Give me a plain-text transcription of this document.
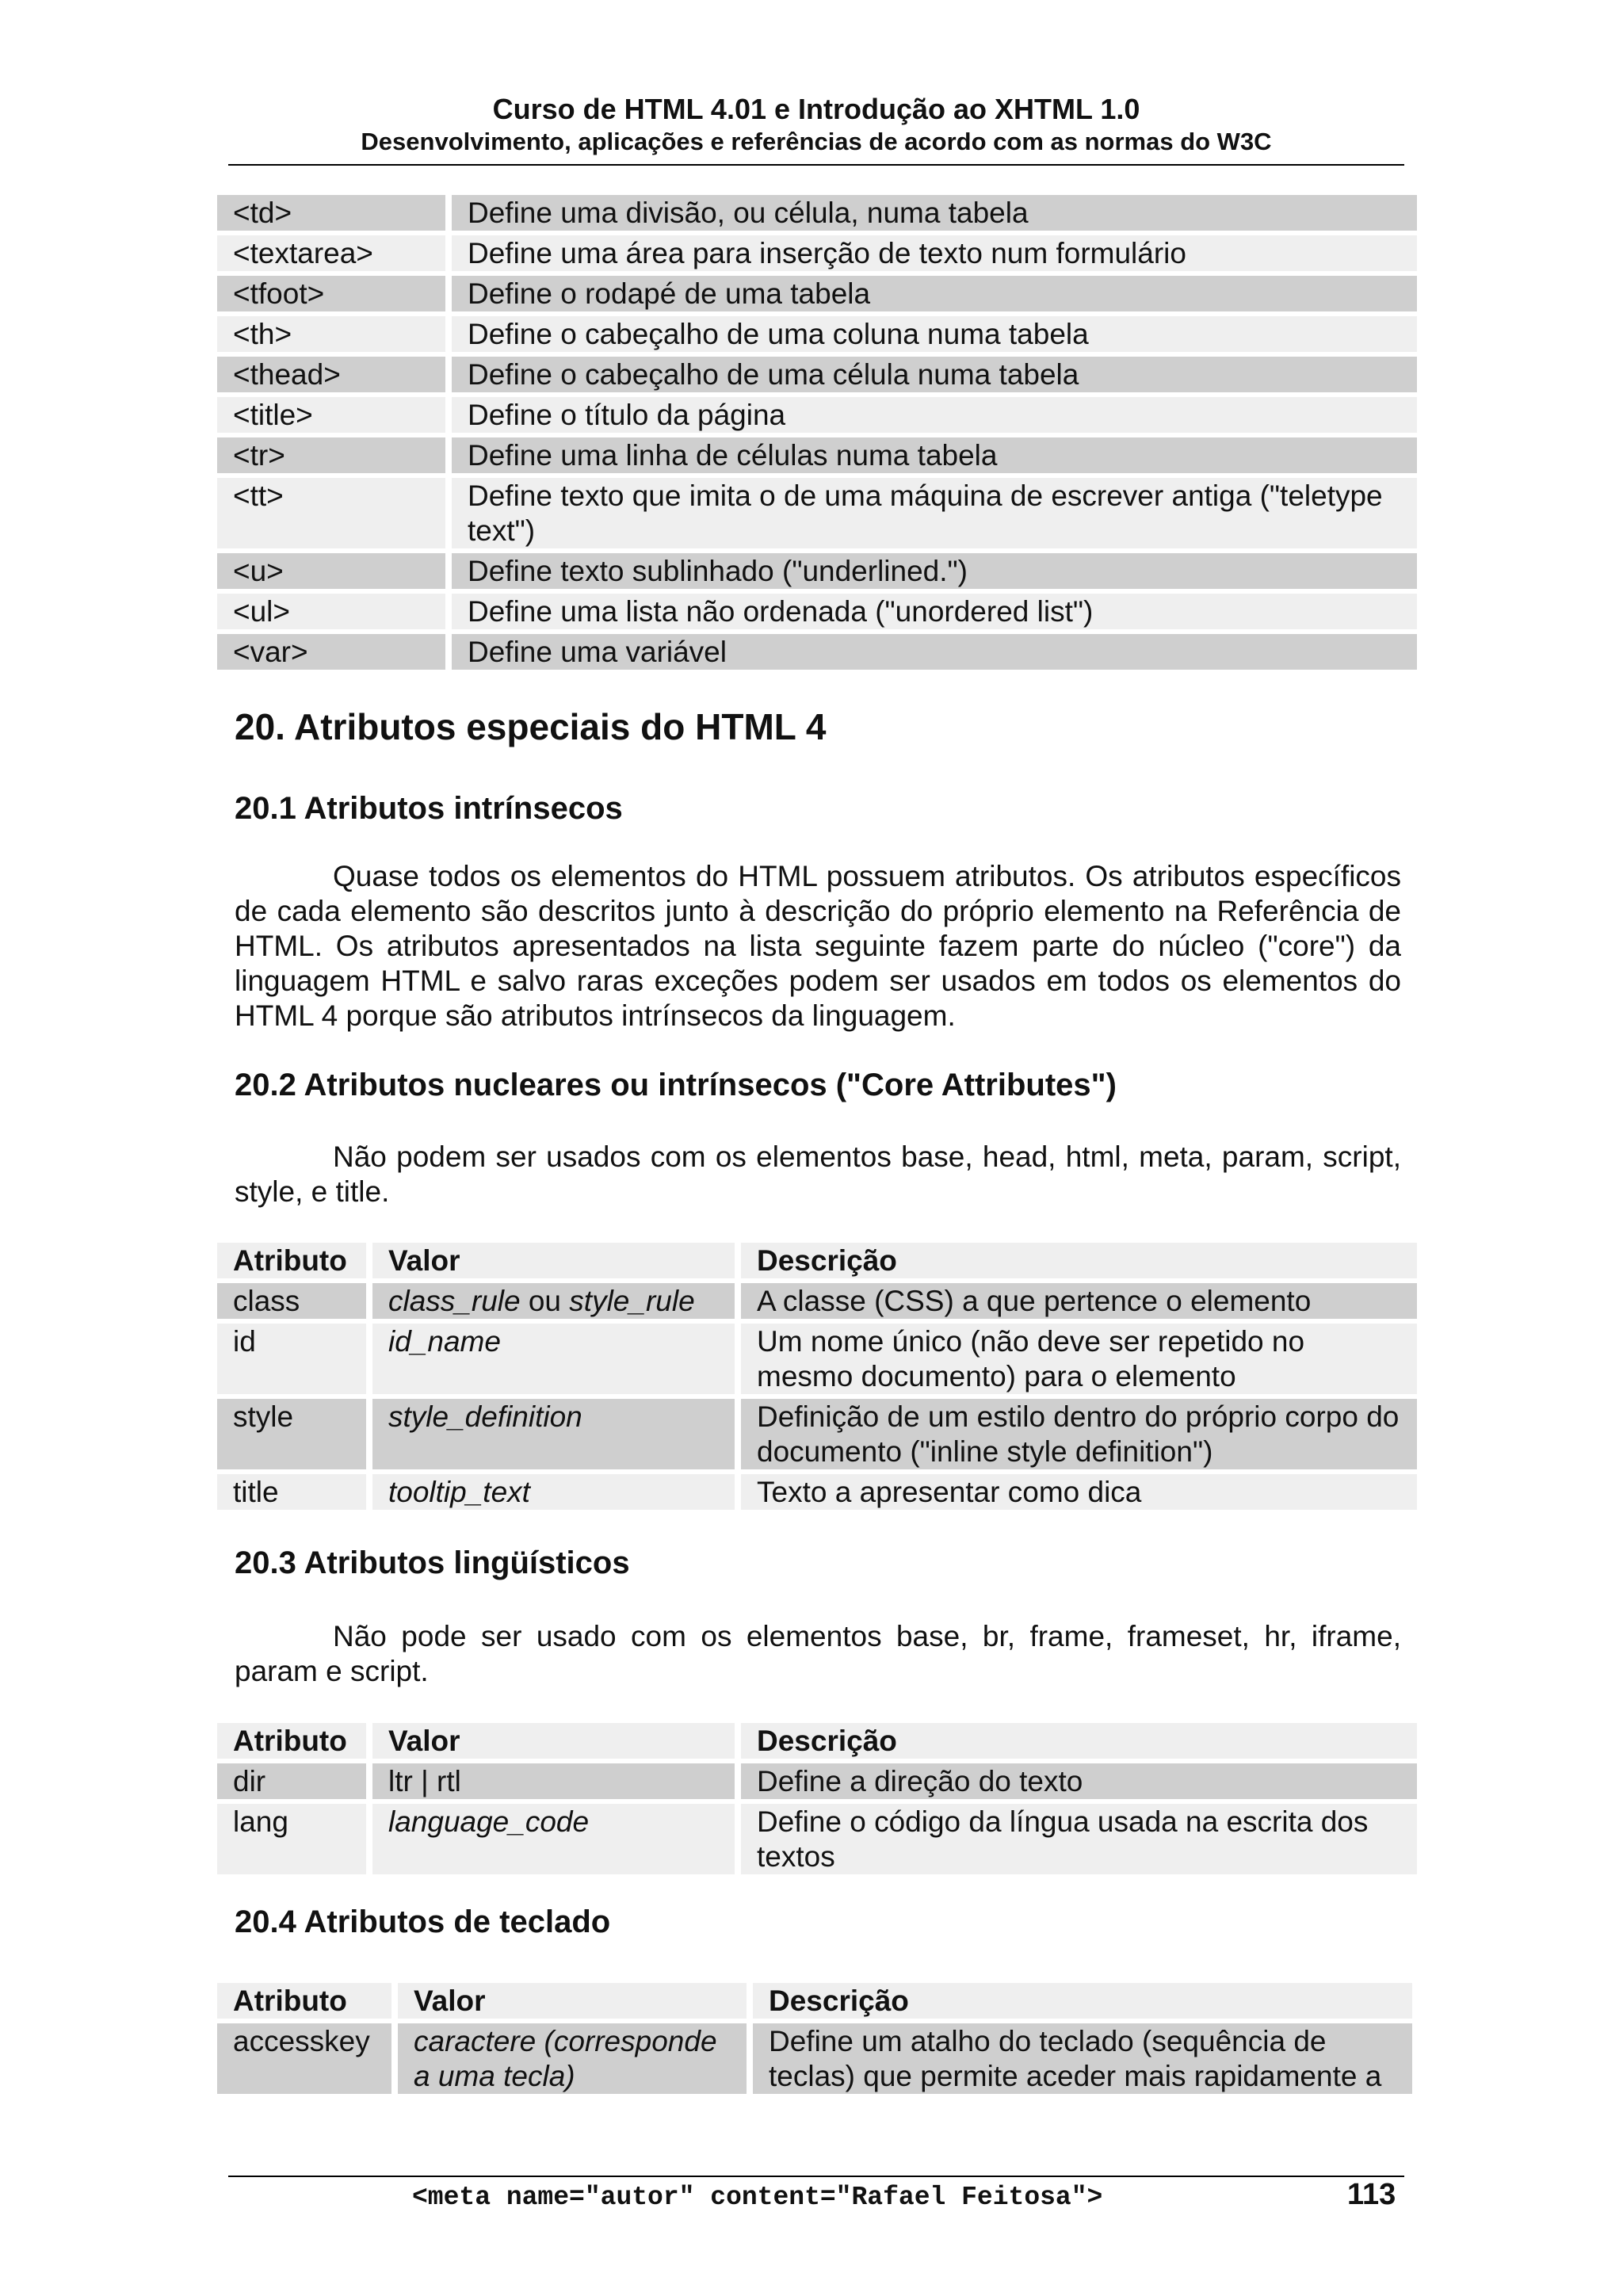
Curso de HTML 4.01 e Introdução ao XHTML 1.0
Desenvolvimento, aplicações e referências de acordo com as normas do W3C
<td>	Define uma divisão, ou célula, numa tabela
<textarea>	Define uma área para inserção de texto num formulário
<tfoot>	Define o rodapé de uma tabela
<th>	Define o cabeçalho de uma coluna numa tabela
<thead>	Define o cabeçalho de uma célula numa tabela
<title>	Define o título da página
<tr>	Define uma linha de células numa tabela
<tt>	Define texto que imita o de uma máquina de escrever antiga ("teletype text")
<u>	Define texto sublinhado ("underlined.")
<ul>	Define uma lista não ordenada ("unordered list")
<var>	Define uma variável
20. Atributos especiais do HTML 4
20.1 Atributos intrínsecos

Quase todos os elementos do HTML possuem atributos. Os atributos específicos de cada elemento são descritos junto à descrição do próprio elemento na Referência de HTML. Os atributos apresentados na lista seguinte fazem parte do núcleo ("core") da linguagem HTML e salvo raras exceções podem ser usados em todos os elementos do HTML 4 porque são atributos intrínsecos da linguagem.

20.2 Atributos nucleares ou intrínsecos ("Core Attributes")

Não podem ser usados com os elementos base, head, html, meta, param, script, style, e title.

Atributo	Valor	Descrição
class	class_rule ou style_rule	A classe (CSS) a que pertence o elemento
id	id_name	Um nome único (não deve ser repetido no mesmo documento) para o elemento
style	style_definition	Definição de um estilo dentro do próprio corpo do documento ("inline style definition")
title	tooltip_text	Texto a apresentar como dica
20.3 Atributos lingüísticos

Não pode ser usado com os elementos base, br, frame, frameset, hr, iframe, param e script.

Atributo	Valor	Descrição
dir	ltr | rtl	Define a direção do texto
lang	language_code	Define o código da língua usada na escrita dos textos
20.4 Atributos de teclado
Atributo	Valor	Descrição
accesskey	caractere (corresponde a uma tecla)	Define um atalho do teclado (sequência de teclas) que permite aceder mais rapidamente a
<meta name="autor" content="Rafael Feitosa">	113
